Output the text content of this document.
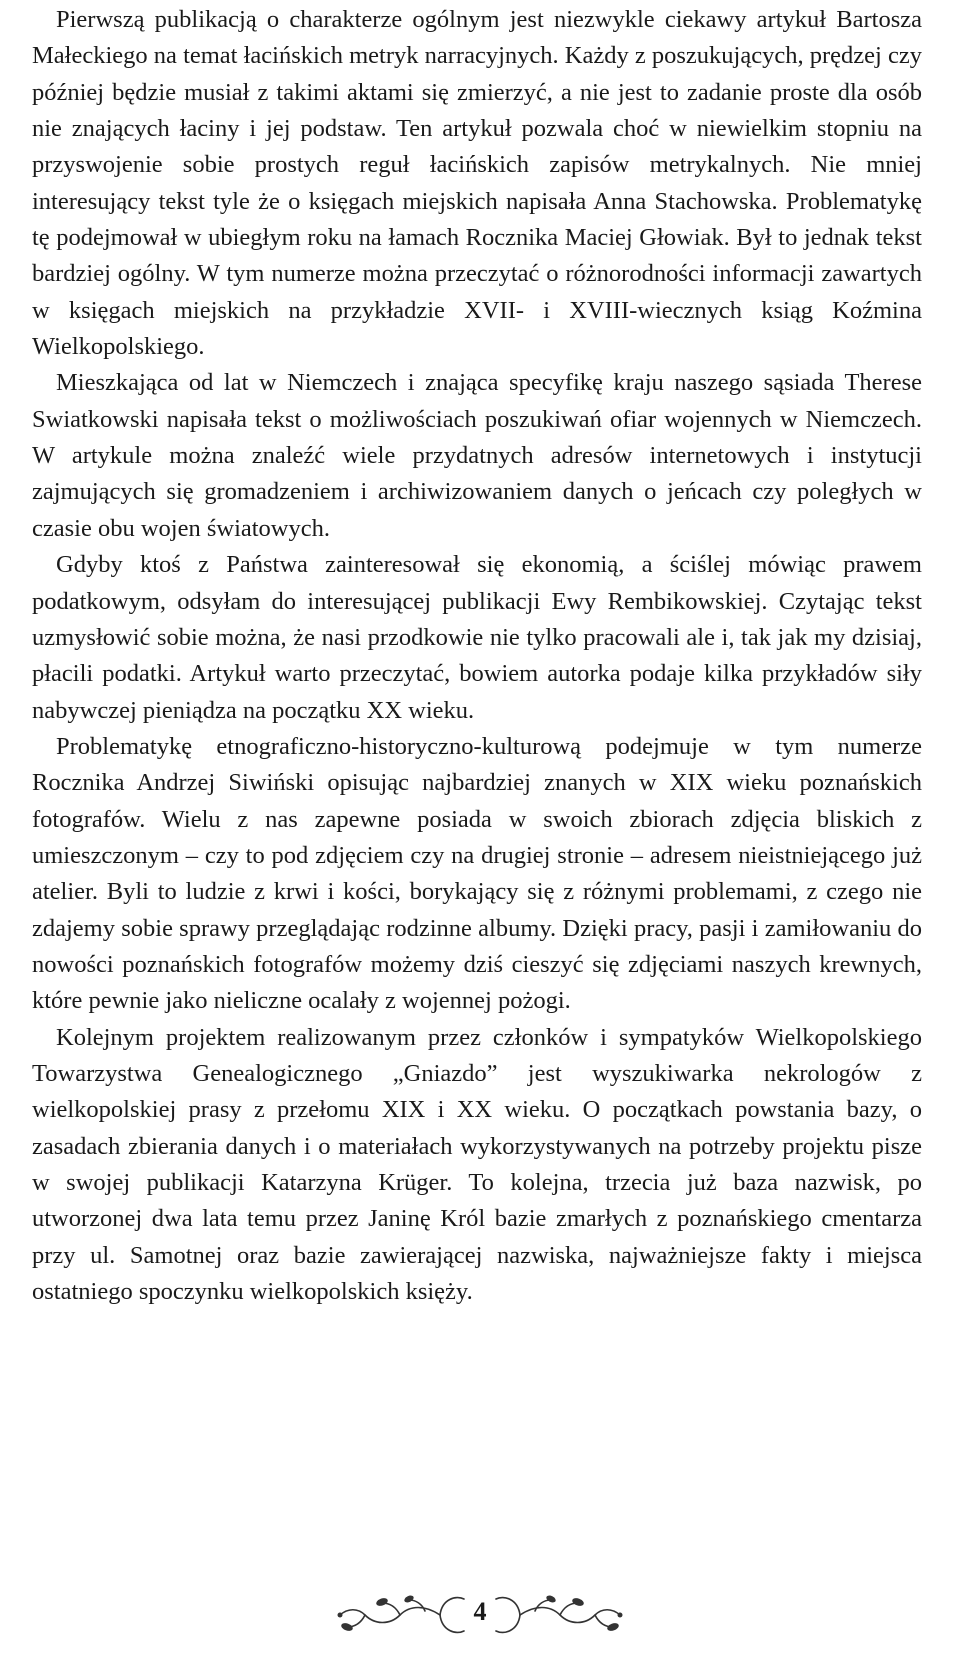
Pierwszą publikacją o charakterze ogólnym jest niezwykle ciekawy artykuł Bartosza Małeckiego na temat łacińskich metryk narracyjnych. Każdy z poszukujących, prędzej czy później będzie musiał z takimi aktami się zmierzyć, a nie jest to zadanie proste dla osób nie znających łaciny i jej podstaw. Ten artykuł pozwala choć w niewielkim stopniu na przyswojenie sobie prostych reguł łacińskich zapisów metrykalnych. Nie mniej interesujący tekst tyle że o księgach miejskich napisała Anna Stachowska. Problematykę tę podejmował w ubiegłym roku na łamach Rocznika Maciej Głowiak. Był to jednak tekst bardziej ogólny. W tym numerze można przeczytać o różnorodności informacji zawartych w księgach miejskich na przykładzie XVII- i XVIII-wiecznych ksiąg Koźmina Wielkopolskiego.

Mieszkająca od lat w Niemczech i znająca specyfikę kraju naszego sąsiada Therese Swiatkowski napisała tekst o możliwościach poszukiwań ofiar wojennych w Niemczech. W artykule można znaleźć wiele przydatnych adresów internetowych i instytucji zajmujących się gromadzeniem i archiwizowaniem danych o jeńcach czy poległych w czasie obu wojen światowych.

Gdyby ktoś z Państwa zainteresował się ekonomią, a ściślej mówiąc prawem podatkowym, odsyłam do interesującej publikacji Ewy Rembikowskiej. Czytając tekst uzmysłowić sobie można, że nasi przodkowie nie tylko pracowali ale i, tak jak my dzisiaj, płacili podatki. Artykuł warto przeczytać, bowiem autorka podaje kilka przykładów siły nabywczej pieniądza na początku XX wieku.

Problematykę etnograficzno-historyczno-kulturową podejmuje w tym numerze Rocznika Andrzej Siwiński opisując najbardziej znanych w XIX wieku poznańskich fotografów. Wielu z nas zapewne posiada w swoich zbiorach zdjęcia bliskich z umieszczonym – czy to pod zdjęciem czy na drugiej stronie – adresem nieistniejącego już atelier. Byli to ludzie z krwi i kości, borykający się z różnymi problemami, z czego nie zdajemy sobie sprawy przeglądając rodzinne albumy. Dzięki pracy, pasji i zamiłowaniu do nowości poznańskich fotografów możemy dziś cieszyć się zdjęciami naszych krewnych, które pewnie jako nieliczne ocalały z wojennej pożogi.

Kolejnym projektem realizowanym przez członków i sympatyków Wielkopolskiego Towarzystwa Genealogicznego „Gniazdo” jest wyszukiwarka nekrologów z wielkopolskiej prasy z przełomu XIX i XX wieku. O początkach powstania bazy, o zasadach zbierania danych i o materiałach wykorzystywanych na potrzeby projektu pisze w swojej publikacji Katarzyna Krüger. To kolejna, trzecia już baza nazwisk, po utworzonej dwa lata temu przez Janinę Król bazie zmarłych z poznańskiego cmentarza przy ul. Samotnej oraz bazie zawierającej nazwiska, najważniejsze fakty i miejsca ostatniego spoczynku wielkopolskich księży.

4
